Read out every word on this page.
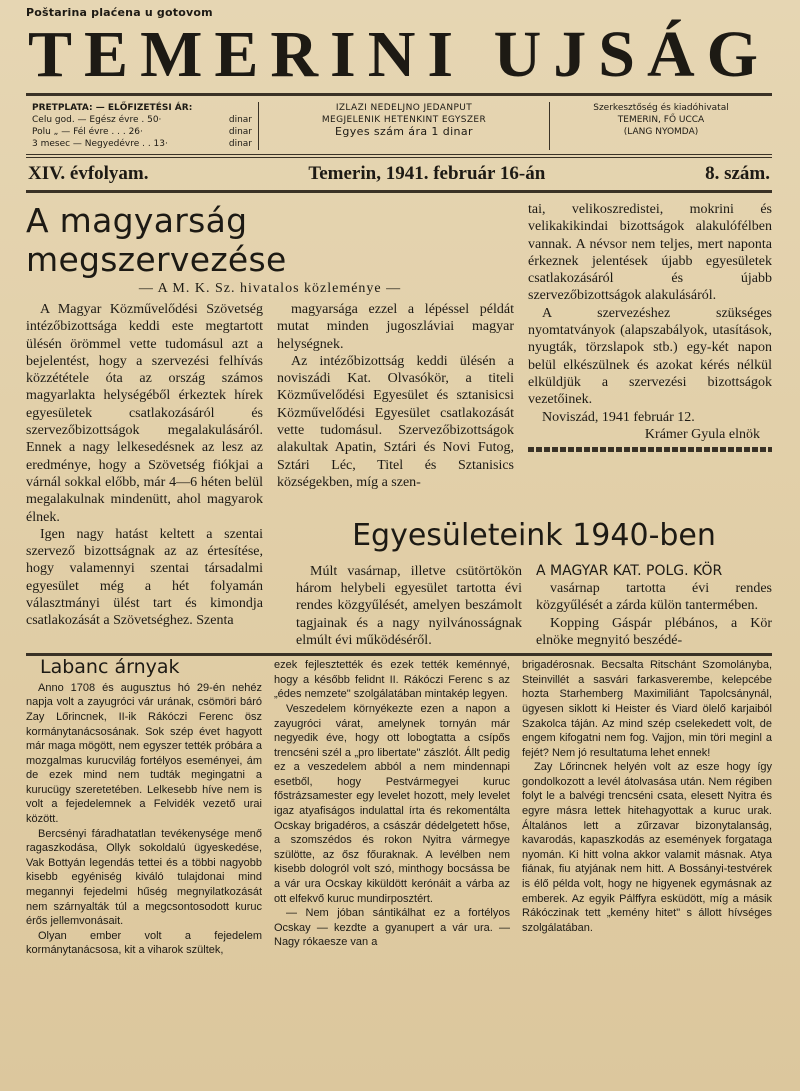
Poštarina plaćena u gotovom
TEMERINI UJSÁG
PRETPLATA: — ELŐFIZETÉSI ÁR:
Celu god. — Egész évre . 50·	dinar
Polu „ — Fél évre . . . 26·	dinar
3 mesec — Negyedévre . . 13·	dinar
IZLAZI NEDELJNO JEDANPUT
MEGJELENIK HETENKINT EGYSZER
Egyes szám ára 1 dinar
Szerkesztőség és kiadóhivatal
TEMERIN, FŐ UCCA
(LANG NYOMDA)
XIV. évfolyam.	Temerin, 1941. február 16-án	8. szám.
A magyarság megszervezése
— A M. K. Sz. hivatalos közleménye —

A Magyar Közművelődési Szövetség intézőbizottsága keddi este megtartott ülésén örömmel vette tudomásul azt a bejelentést, hogy a szervezési felhívás közzététele óta az ország számos magyarlakta helységéből érkeztek hírek egyesületek csatlakozásáról és szervezőbizottságok megalakulásáról. Ennek a nagy lelkesedésnek az lesz az eredménye, hogy a Szövetség fiókjai a várnál sokkal előbb, már 4—6 héten belül megalakulnak mindenütt, ahol magyarok élnek.

Igen nagy hatást keltett a szentai szervező bizottságnak az az értesítése, hogy valamennyi szentai társadalmi egyesület még a hét folyamán választmányi ülést tart és kimondja csatlakozását a Szövetséghez. Szenta

magyarsága ezzel a lépéssel példát mutat minden jugoszláviai magyar helységnek.

Az intézőbizottság keddi ülésén a noviszádi Kat. Olvasókör, a titeli Közművelődési Egyesület és sztanisicsi Közművelődési Egyesület csatlakozását vette tudomásul. Szervezőbizottságok alakultak Apatin, Sztári és Novi Futog, Sztári Léc, Titel és Sztanisics községekben, míg a szen-

tai, velikoszredistei, mokrini és velikakikindai bizottságok alakulófélben vannak. A névsor nem teljes, mert naponta érkeznek jelentések újabb egyesületek csatlakozásáról és újabb szervezőbizottságok alakulásáról.

A szervezéshez szükséges nyomtatványok (alapszabályok, utasítások, nyugták, törzslapok stb.) egy-két napon belül elkészülnek és azokat kérés nélkül elküldjük a szervezési bizottságok vezetőinek.

Noviszád, 1941 február 12.

Krámer Gyula elnök
Egyesületeink 1940-ben

Múlt vasárnap, illetve csütörtökön három helybeli egyesület tartotta évi rendes közgyűlését, amelyen beszámolt tagjainak és a nagy nyilvánosságnak elmúlt évi működéséről.

A MAGYAR KAT. POLG. KÖR

vasárnap tartotta évi rendes közgyűlését a zárda külön tantermében.

Kopping Gáspár plébános, a Kör elnöke megnyitó beszédé-

Labanc árnyak

Anno 1708 és augusztus hó 29-én nehéz napja volt a zayugróci vár urának, csömöri báró Zay Lőrincnek, II-ik Rákóczi Ferenc ösz kormánytanácsosának. Sok szép évet hagyott már maga mögött, nem egyszer tették próbára a mozgalmas kurucvilág fortélyos eseményei, ám de ezek mind nem tudták megingatni a kurucügy szeretetében. Lelkesebb híve nem is volt a fejedelemnek a Felvidék vezető urai között.

Bercsényi fáradhatatlan tevékenysége menő ragaszkodása, Ollyk sokoldalú ügyeskedése, Vak Bottyán legendás tettei és a többi nagyobb kisebb egyéniség kiváló tulajdonai mind megannyi fejedelmi hűség megnyilatkozását nem szárnyalták túl a megcsontosodott kuruc érős jellemvonásait.

Olyan ember volt a fejedelem kormánytanácsosa, kit a viharok szültek,

ezek fejlesztették és ezek tették keménnyé, hogy a később felidnt II. Rákóczi Ferenc s az „édes nemzete" szolgálatában mintakép legyen.

Veszedelem környékezte ezen a napon a zayugróci várat, amelynek tornyán már negyedik éve, hogy ott lobogtatta a csípős trencséni szél a „pro libertate" zászlót. Állt pedig ez a veszedelem abból a nem mindennapi esetből, hogy Pestvármegyei kuruc főstrázsamester egy levelet hozott, mely levelet igaz atyafiságos indulattal írta és rekomentálta Ocskay brigadéros, a császár dédelgetett hőse, a szomszédos és rokon Nyitra vármegye szülötte, az ősz főuraknak. A levélben nem kisebb dologról volt szó, minthogy bocsássa be a vár ura Ocskay kiküldött kerónáit a várba az ott elfekvő kuruc mundirposztért.

— Nem jóban sántikálhat ez a fortélyos Ocskay — kezdte a gyanupert a vár ura. — Nagy rókaesze van a

brigadérosnak. Becsalta Ritschánt Szomolányba, Steinvillét a sasvári farkasverembe, kelepcébe hozta Starhemberg Maximiliánt Tapolcsánynál, ügyesen siklott ki Heister és Viard ölelő karjaiból Szakolca táján. Az mind szép cselekedett volt, de engem kifogatni nem fog. Vajjon, min töri meginl a fejét? Nem jó resultatuma lehet ennek!

Zay Lőrincnek helyén volt az esze hogy így gondolkozott a levél átolvasása után. Nem régiben folyt le a balvégi trencséni csata, elesett Nyitra és egyre másra lettek hitehagyottak a kuruc urak. Általános lett a zűrzavar bizonytalanság, kavarodás, kapaszkodás az események forgataga nyomán. Ki hitt volna akkor valamit másnak. Atya fiának, fiu atyjának nem hitt. A Bossányi-testvérek is élő példa volt, hogy ne higyenek egymásnak az emberek. Az egyik Pálffyra esküdött, míg a másik Rákóczinak tett „kemény hitet" s állott hívséges szolgálatában.
